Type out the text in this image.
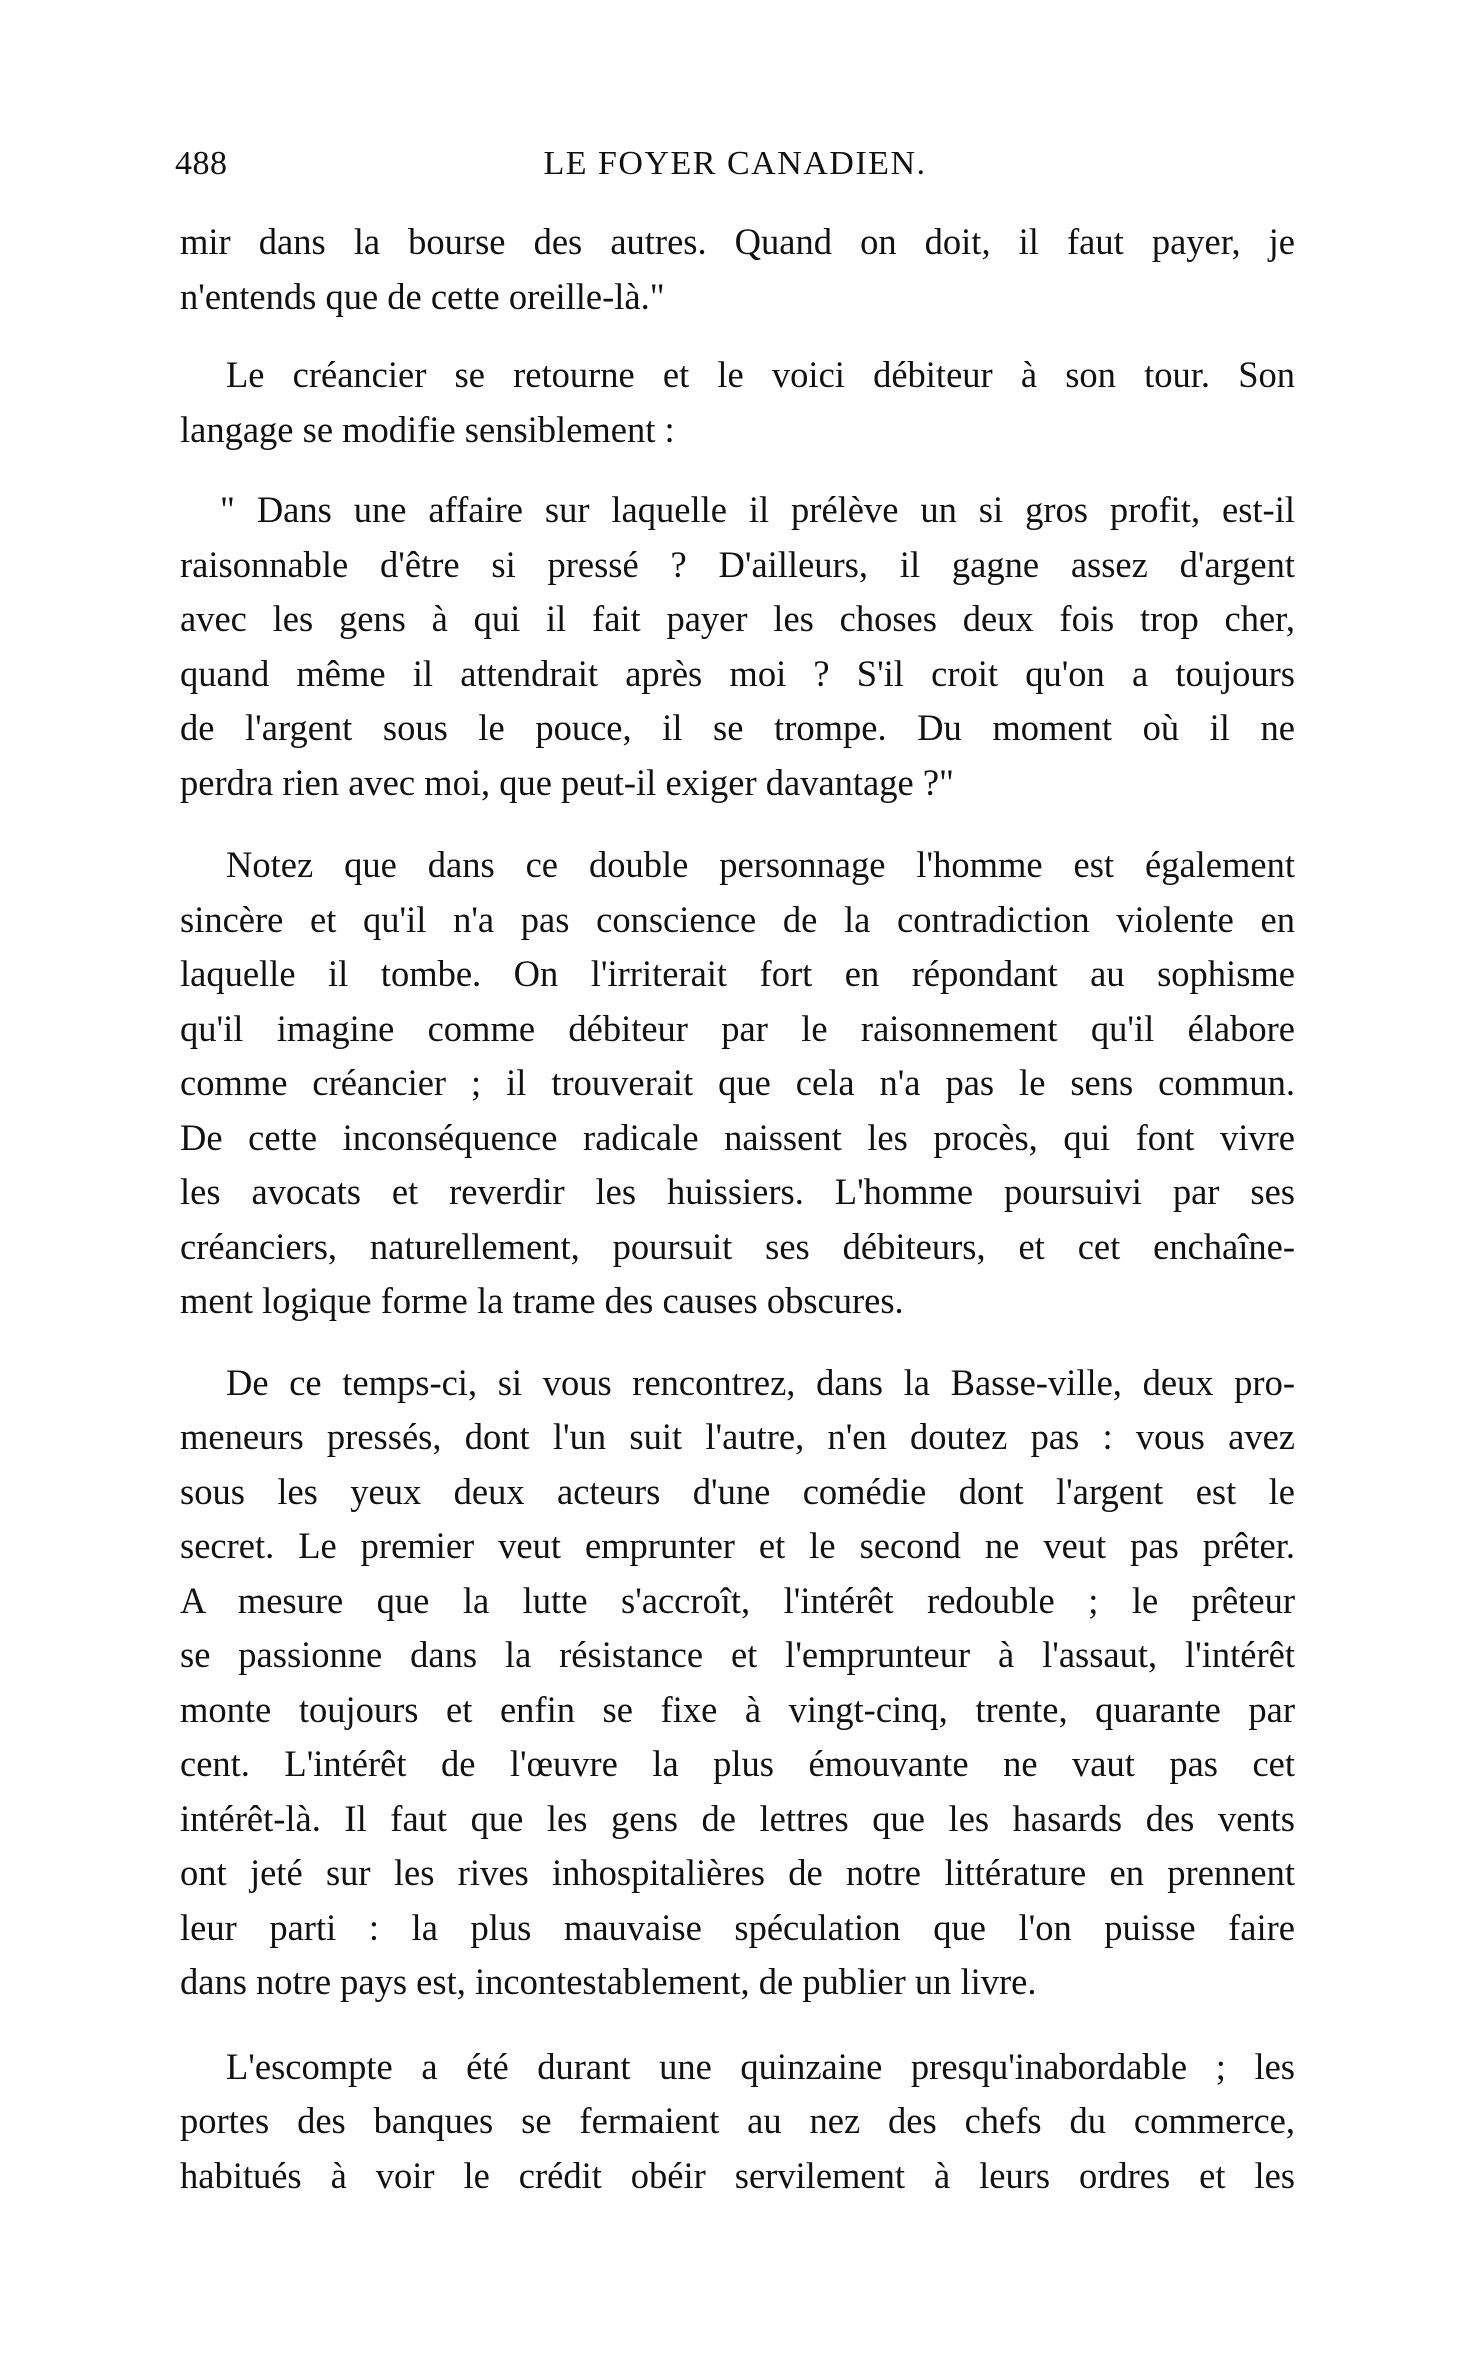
488	LE FOYER CANADIEN.

mir dans la bourse des autres. Quand on doit, il faut payer, je
n'entends que de cette oreille-là."

Le créancier se retourne et le voici débiteur à son tour. Son
langage se modifie sensiblement :

" Dans une affaire sur laquelle il prélève un si gros profit, est-il
raisonnable d'être si pressé ? D'ailleurs, il gagne assez d'argent
avec les gens à qui il fait payer les choses deux fois trop cher,
quand même il attendrait après moi ? S'il croit qu'on a toujours
de l'argent sous le pouce, il se trompe. Du moment où il ne
perdra rien avec moi, que peut-il exiger davantage ?"

Notez que dans ce double personnage l'homme est également
sincère et qu'il n'a pas conscience de la contradiction violente en
laquelle il tombe. On l'irriterait fort en répondant au sophisme
qu'il imagine comme débiteur par le raisonnement qu'il élabore
comme créancier ; il trouverait que cela n'a pas le sens commun.
De cette inconséquence radicale naissent les procès, qui font vivre
les avocats et reverdir les huissiers. L'homme poursuivi par ses
créanciers, naturellement, poursuit ses débiteurs, et cet enchaîne-
ment logique forme la trame des causes obscures.

De ce temps-ci, si vous rencontrez, dans la Basse-ville, deux pro-
meneurs pressés, dont l'un suit l'autre, n'en doutez pas : vous avez
sous les yeux deux acteurs d'une comédie dont l'argent est le
secret. Le premier veut emprunter et le second ne veut pas prêter.
A mesure que la lutte s'accroît, l'intérêt redouble ; le prêteur
se passionne dans la résistance et l'emprunteur à l'assaut, l'intérêt
monte toujours et enfin se fixe à vingt-cinq, trente, quarante par
cent. L'intérêt de l'œuvre la plus émouvante ne vaut pas cet
intérêt-là. Il faut que les gens de lettres que les hasards des vents
ont jeté sur les rives inhospitalières de notre littérature en prennent
leur parti : la plus mauvaise spéculation que l'on puisse faire
dans notre pays est, incontestablement, de publier un livre.

L'escompte a été durant une quinzaine presqu'inabordable ; les
portes des banques se fermaient au nez des chefs du commerce,
habitués à voir le crédit obéir servilement à leurs ordres et les
